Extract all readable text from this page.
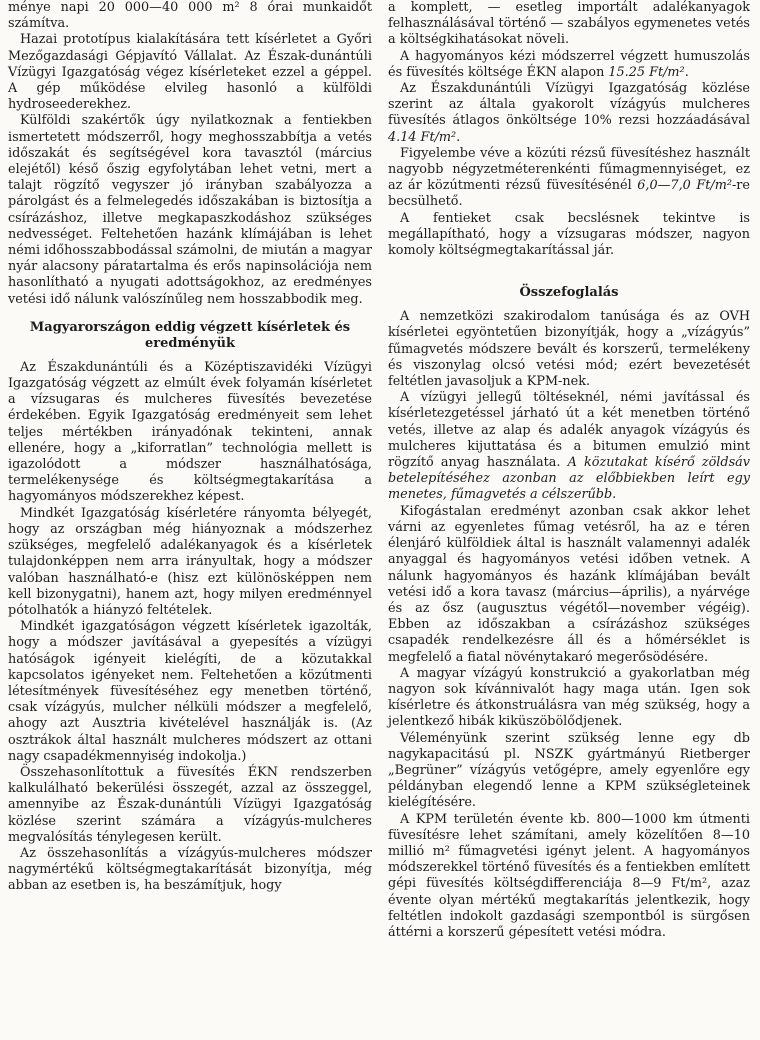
ménye napi 20 000—40 000 m² 8 órai munkaidőt számítva.

Hazai prototípus kialakítására tett kísérletet a Győri Mezőgazdasági Gépjavító Vállalat. Az Észak-dunántúli Vízügyi Igazgatóság végez kísérleteket ezzel a géppel. A gép működése elvileg hasonló a külföldi hydroseederekhez.

Külföldi szakértők úgy nyilatkoznak a fentiekben ismertetett módszerről, hogy meghosszabbítja a vetés időszakát és segítségével kora tavasztól (március elejétől) késő őszig egyfolytában lehet vetni, mert a talajt rögzítő vegyszer jó irányban szabályozza a párolgást és a felmelegedés időszakában is biztosítja a csírázáshoz, illetve megkapaszkodáshoz szükséges nedvességet. Feltehetően hazánk klímájában is lehet némi időhosszabbodással számolni, de miután a magyar nyár alacsony páratartalma és erős napinsolációja nem hasonlítható a nyugati adottságokhoz, az eredményes vetési idő nálunk valószínűleg nem hosszabbodik meg.

Magyarországon eddig végzett kísérletek és eredményük

Az Északdunántúli és a Középtiszavidéki Vízügyi Igazgatóság végzett az elmúlt évek folyamán kísérletet a vízsugaras és mulcheres füvesítés bevezetése érdekében. Egyik Igazgatóság eredményeit sem lehet teljes mértékben irányadónak tekinteni, annak ellenére, hogy a „kiforratlan” technológia mellett is igazolódott a módszer használhatósága, termelékenysége és költségmegtakarítása a hagyományos módszerekhez képest.

Mindkét Igazgatóság kísérletére rányomta bélyegét, hogy az országban még hiányoznak a módszerhez szükséges, megfelelő adalékanyagok és a kísérletek tulajdonképpen nem arra irányultak, hogy a módszer valóban használható-e (hisz ezt különösképpen nem kell bizonygatni), hanem azt, hogy milyen eredménnyel pótolhatók a hiányzó feltételek.

Mindkét igazgatóságon végzett kísérletek igazolták, hogy a módszer javításával a gyepesítés a vízügyi hatóságok igényeit kielégíti, de a közutakkal kapcsolatos igényeket nem. Feltehetően a közútmenti létesítmények füvesítéséhez egy menetben történő, csak vízágyús, mulcher nélküli módszer a megfelelő, ahogy azt Ausztria kivételével használják is. (Az osztrákok által használt mulcheres módszert az ottani nagy csapadékmennyiség indokolja.)

Összehasonlítottuk a füvesítés ÉKN rendszerben kalkulálható bekerülési összegét, azzal az összeggel, amennyibe az Észak-dunántúli Vízügyi Igazgatóság közlése szerint számára a vízágyús-mulcheres megvalósítás ténylegesen került.

Az összehasonlítás a vízágyús-mulcheres módszer nagymértékű költségmegtakarítását bizonyítja, még abban az esetben is, ha beszámítjuk, hogy

a komplett, — esetleg importált adalékanyagok felhasználásával történő — szabályos egymenetes vetés a költségkihatásokat növeli.

A hagyományos kézi módszerrel végzett humuszolás és füvesítés költsége ÉKN alapon 15.25 Ft/m².

Az Északdunántúli Vízügyi Igazgatóság közlése szerint az általa gyakorolt vízágyús mulcheres füvesítés átlagos önköltsége 10% rezsi hozzáadásával 4.14 Ft/m².

Figyelembe véve a közúti rézsű füvesítéshez használt nagyobb négyzetméterenkénti fűmagmennyiséget, ez az ár közútmenti rézsű füvesítésénél 6,0—7,0 Ft/m²-re becsülhető.

A fentieket csak becslésnek tekintve is megállapítható, hogy a vízsugaras módszer, nagyon komoly költségmegtakarítással jár.

Összefoglalás

A nemzetközi szakirodalom tanúsága és az OVH kísérletei egyöntetűen bizonyítják, hogy a „vízágyús” fűmagvetés módszere bevált és korszerű, termelékeny és viszonylag olcsó vetési mód; ezért bevezetését feltétlen javasoljuk a KPM-nek.

A vízügyi jellegű töltéseknél, némi javítással és kísérletezgetéssel járható út a két menetben történő vetés, illetve az alap és adalék anyagok vízágyús és mulcheres kijuttatása és a bitumen emulzió mint rögzítő anyag használata. A közutakat kísérő zöldsáv betelepítéséhez azonban az előbbiekben leírt egy menetes, fűmagvetés a célszerűbb.

Kifogástalan eredményt azonban csak akkor lehet várni az egyenletes fűmag vetésről, ha az e téren élenjáró külföldiek által is használt valamennyi adalék anyaggal és hagyományos vetési időben vetnek. A nálunk hagyományos és hazánk klímájában bevált vetési idő a kora tavasz (március—április), a nyárvége és az ősz (augusztus végétől—november végéig). Ebben az időszakban a csírázáshoz szükséges csapadék rendelkezésre áll és a hőmérséklet is megfelelő a fiatal növénytakaró megerősödésére.

A magyar vízágyú konstrukció a gyakorlatban még nagyon sok kívánnivalót hagy maga után. Igen sok kísérletre és átkonstruálásra van még szükség, hogy a jelentkező hibák kiküszöbölődjenek.

Véleményünk szerint szükség lenne egy db nagykapacitású pl. NSZK gyártmányú Rietberger „Begrüner” vízágyús vetőgépre, amely egyenlőre egy példányban elegendő lenne a KPM szükségleteinek kielégítésére.

A KPM területén évente kb. 800—1000 km útmenti füvesítésre lehet számítani, amely közelítően 8—10 millió m² fűmagvetési igényt jelent. A hagyományos módszerekkel történő füvesítés és a fentiekben említett gépi füvesítés költségdifferenciája 8—9 Ft/m², azaz évente olyan mértékű megtakarítás jelentkezik, hogy feltétlen indokolt gazdasági szempontból is sürgősen áttérni a korszerű gépesített vetési módra.
